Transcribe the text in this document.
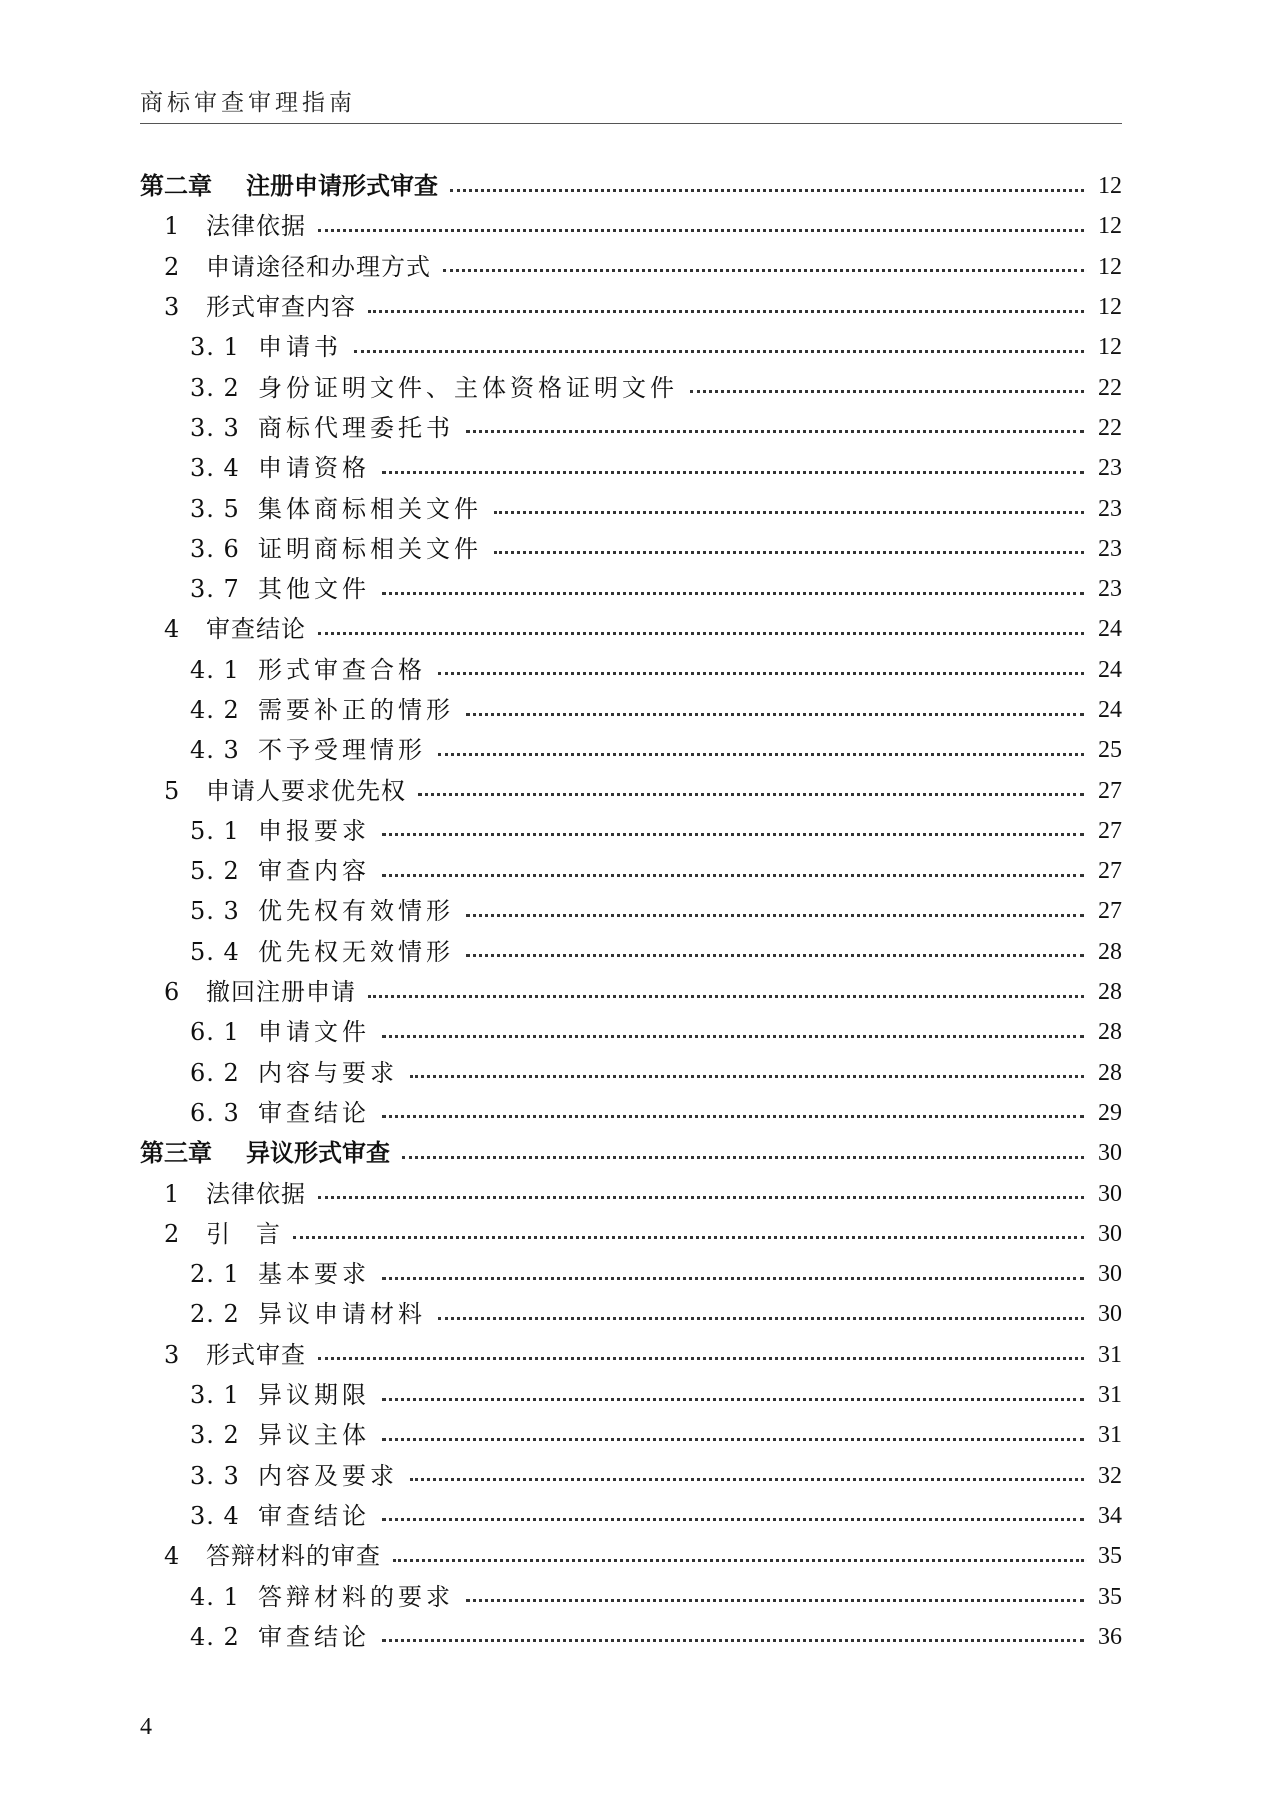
商标审查审理指南
第二章	注册申请形式审查	12
1	法律依据	12
2	申请途径和办理方式	12
3	形式审查内容	12
3. 1 申请书	12
3. 2 身份证明文件、主体资格证明文件	22
3. 3 商标代理委托书	22
3. 4 申请资格	23
3. 5 集体商标相关文件	23
3. 6 证明商标相关文件	23
3. 7 其他文件	23
4	审查结论	24
4. 1 形式审查合格	24
4. 2 需要补正的情形	24
4. 3 不予受理情形	25
5	申请人要求优先权	27
5. 1 申报要求	27
5. 2 审查内容	27
5. 3 优先权有效情形	27
5. 4 优先权无效情形	28
6	撤回注册申请	28
6. 1 申请文件	28
6. 2 内容与要求	28
6. 3 审查结论	29
第三章	异议形式审查	30
1	法律依据	30
2	引　言	30
2. 1 基本要求	30
2. 2 异议申请材料	30
3	形式审查	31
3. 1 异议期限	31
3. 2 异议主体	31
3. 3 内容及要求	32
3. 4 审查结论	34
4	答辩材料的审查	35
4. 1 答辩材料的要求	35
4. 2 审查结论	36
4
